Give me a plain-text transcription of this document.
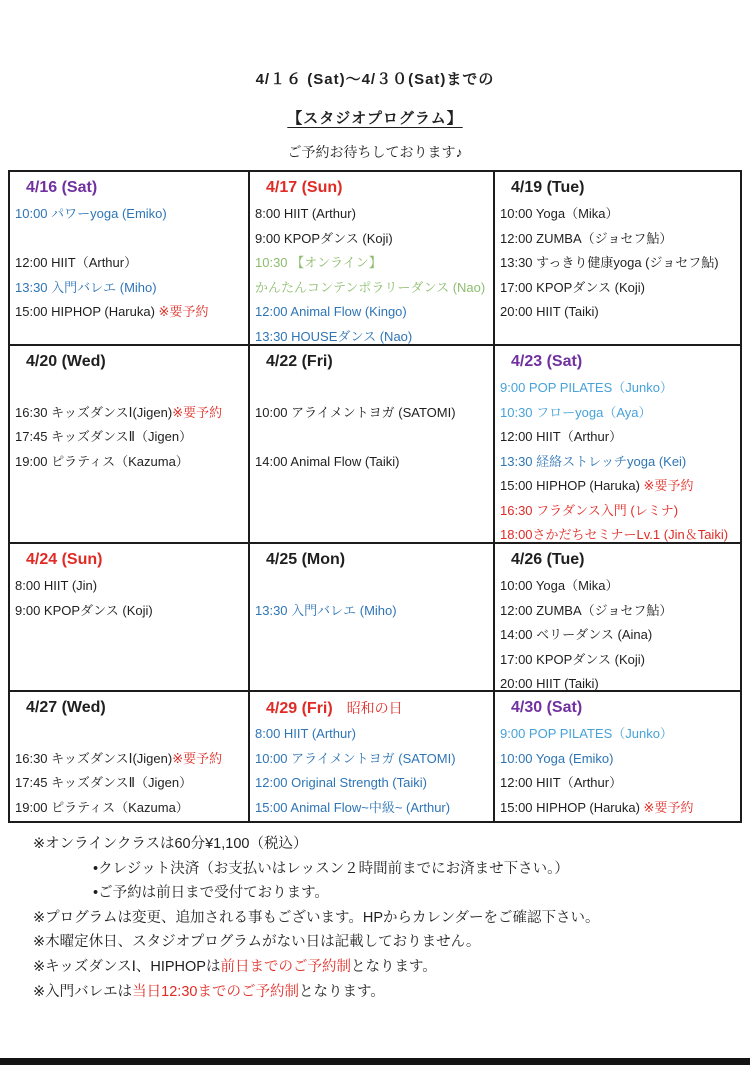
4/１６ (Sat)～4/３０(Sat)までの
【スタジオプログラム】
ご予約お待ちしております♪
4/16 (Sat)
10:00 パワーyoga (Emiko)

12:00 HIIT（Arthur）
13:30 入門バレエ (Miho)
15:00 HIPHOP (Haruka) ※要予約
4/17 (Sun)
8:00 HIIT (Arthur)
9:00 KPOPダンス (Koji)
10:30 【オンライン】
かんたんコンテンポラリーダンス (Nao)
12:00 Animal Flow (Kingo)
13:30 HOUSEダンス (Nao)
4/19 (Tue)
10:00 Yoga（Mika）
12:00 ZUMBA（ジョセフ鮎）
13:30 すっきり健康yoga (ジョセフ鮎)
17:00 KPOPダンス (Koji)
20:00 HIIT (Taiki)
4/20 (Wed)

16:30 キッズダンスⅠ(Jigen)※要予約
17:45 キッズダンスⅡ（Jigen）
19:00 ピラティス（Kazuma）
4/22 (Fri)

10:00 アライメントヨガ (SATOMI)

14:00 Animal Flow (Taiki)
4/23 (Sat)
9:00 POP PILATES（Junko）
10:30 フローyoga（Aya）
12:00 HIIT（Arthur）
13:30 経絡ストレッチyoga (Kei)
15:00 HIPHOP (Haruka) ※要予約
16:30 フラダンス入門 (レミナ)
18:00さかだちセミナーLv.1 (Jin＆Taiki)
4/24 (Sun)
8:00 HIIT (Jin)
9:00 KPOPダンス (Koji)
4/25 (Mon)

13:30 入門バレエ (Miho)
4/26 (Tue)
10:00 Yoga（Mika）
12:00 ZUMBA（ジョセフ鮎）
14:00 ベリーダンス (Aina)
17:00 KPOPダンス (Koji)
20:00 HIIT (Taiki)
4/27 (Wed)

16:30 キッズダンスⅠ(Jigen)※要予約
17:45 キッズダンスⅡ（Jigen）
19:00 ピラティス（Kazuma）
4/29 (Fri) 昭和の日
8:00 HIIT (Arthur)
10:00 アライメントヨガ (SATOMI)
12:00 Original Strength (Taiki)
15:00 Animal Flow~中級~ (Arthur)
4/30 (Sat)
9:00 POP PILATES（Junko）
10:00 Yoga (Emiko)
12:00 HIIT（Arthur）
15:00 HIPHOP (Haruka) ※要予約
※オンラインクラスは60分¥1,100（税込）
•クレジット決済（お支払いはレッスン２時間前までにお済ませ下さい。）
•ご予約は前日まで受付ております。
※プログラムは変更、追加される事もございます。HPからカレンダーをご確認下さい。
※木曜定休日、スタジオプログラムがない日は記載しておりません。
※キッズダンスⅠ、HIPHOPは前日までのご予約制となります。
※入門バレエは当日12:30までのご予約制となります。
